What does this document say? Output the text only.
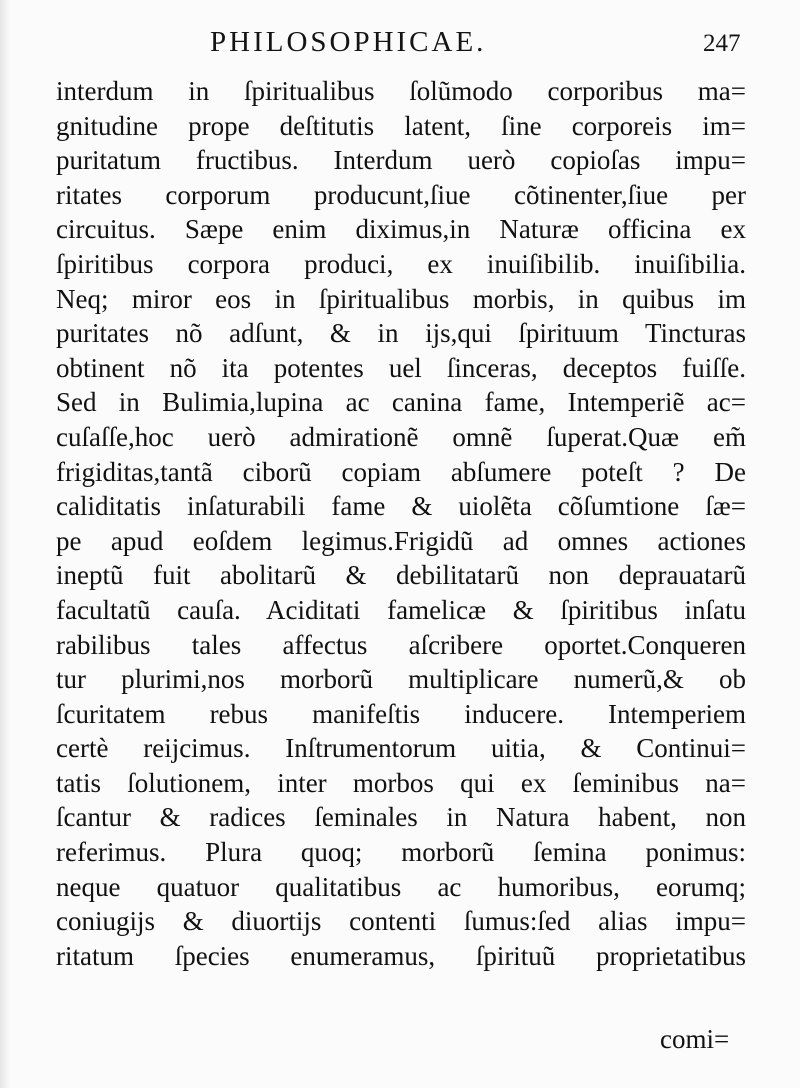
PHILOSOPHICAE.	247
interdum in ſpiritualibus ſolũmodo corporibus ma=
gnitudine prope deſtitutis latent, ſine corporeis im=
puritatum fructibus. Interdum uerò copioſas impu=
ritates corporum producunt,ſiue cõtinenter,ſiue per
circuitus. Sæpe enim diximus,in Naturæ officina ex
ſpiritibus corpora produci, ex inuiſibilib. inuiſibilia.
Neq; miror eos in ſpiritualibus morbis, in quibus im
puritates nõ adſunt, & in ijs,qui ſpirituum Tincturas
obtinent nõ ita potentes uel ſinceras, deceptos fuiſſe.
Sed in Bulimia,lupina ac canina fame, Intemperiẽ ac=
cuſaſſe,hoc uerò admirationẽ omnẽ ſuperat.Quæ em̃
frigiditas,tantã ciborũ copiam abſumere poteſt ? De
caliditatis inſaturabili fame & uiolẽta cõſumtione ſæ=
pe apud eoſdem legimus.Frigidũ ad omnes actiones
ineptũ fuit abolitarũ & debilitatarũ non deprauatarũ
facultatũ cauſa. Aciditati famelicæ & ſpiritibus inſatu
rabilibus tales affectus aſcribere oportet.Conqueren
tur plurimi,nos morborũ multiplicare numerũ,& ob
ſcuritatem rebus manifeſtis inducere. Intemperiem
certè reijcimus. Inſtrumentorum uitia, & Continui=
tatis ſolutionem, inter morbos qui ex ſeminibus na=
ſcantur & radices ſeminales in Natura habent, non
referimus. Plura quoq; morborũ ſemina ponimus:
neque quatuor qualitatibus ac humoribus, eorumq;
coniugijs & diuortijs contenti ſumus:ſed alias impu=
ritatum ſpecies enumeramus, ſpirituũ proprietatibus
comi=
